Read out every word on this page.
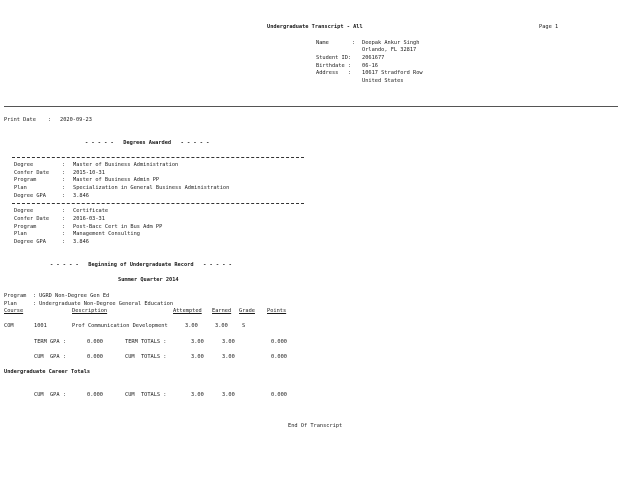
Undergraduate Transcript - All	Page 1
Name	: Deepak Ankur Singh
Orlando, FL 32817
Student ID: 2061677
Birthdate : 06-16
Address   : 10617 Stradford Row
United States
Print Date : 2020-09-23
- - - - -   Degrees Awarded   - - - - -
Degree	: Master of Business Administration
Confer Date : 2015-10-31
Program	: Master of Business Admin PP
Plan	: Specialization in General Business Administration
Degree GPA	: 3.846
Degree	: Certificate
Confer Date : 2016-03-31
Program	: Post-Bacc Cert in Bus Adm PP
Plan	: Management Consulting
Degree GPA	: 3.846
- - - - -   Beginning of Undergraduate Record   - - - - -
Summer Quarter 2014
Program  : UGRD Non-Degree Gen Ed
Plan     : Undergraduate Non-Degree General Education
Course	Description	Attempted Earned Grade Points
COM	1001	Prof Communication Development	3.00	3.00	S
TERM GPA :	0.000	TERM TOTALS :	3.00	3.00	0.000
CUM  GPA :	0.000	CUM  TOTALS :	3.00	3.00	0.000
Undergraduate Career Totals
CUM  GPA :	0.000	CUM  TOTALS :	3.00	3.00	0.000
End Of Transcript
